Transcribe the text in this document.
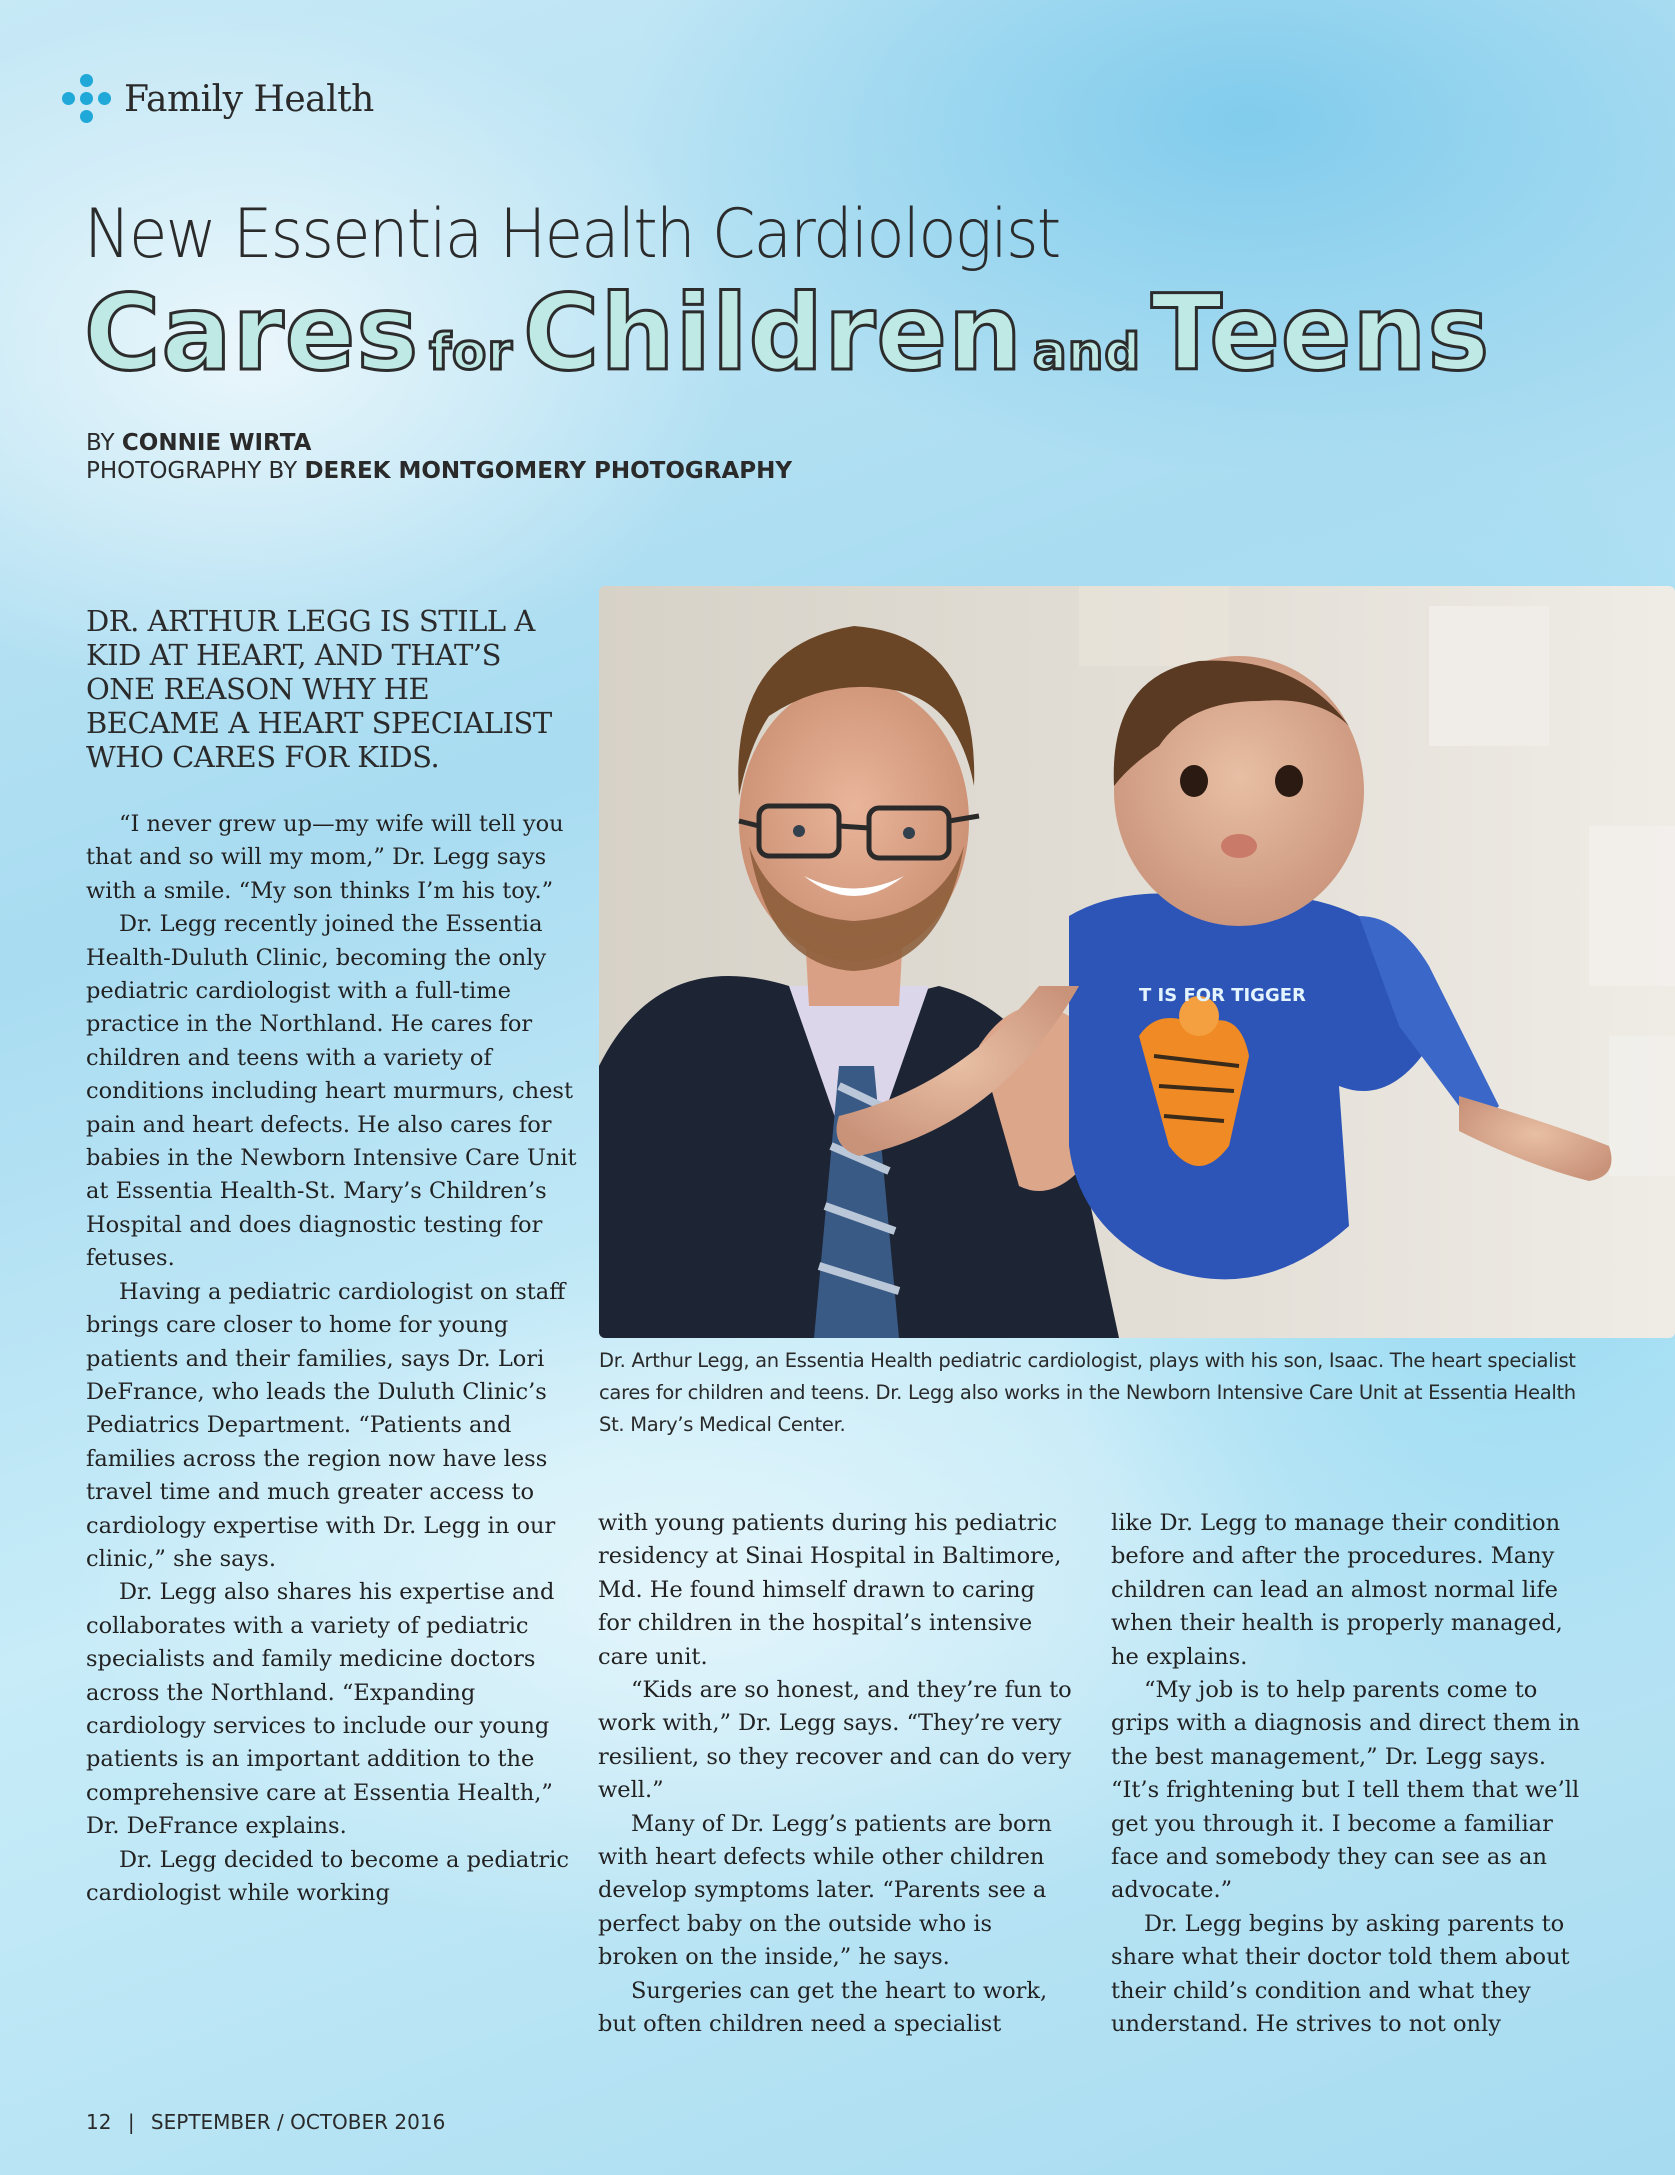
Family Health
New Essentia Health Cardiologist
Cares forChildren andTeens
BY CONNIE WIRTA
PHOTOGRAPHY BY DEREK MONTGOMERY PHOTOGRAPHY
DR. ARTHUR LEGG IS STILL A KID AT HEART, AND THAT’S ONE REASON WHY HE BECAME A HEART SPECIALIST WHO CARES FOR KIDS.

“I never grew up—my wife will tell you that and so will my mom,” Dr. Legg says with a smile. “My son thinks I’m his toy.”

Dr. Legg recently joined the Essentia Health-Duluth Clinic, becoming the only pediatric cardiologist with a full-time practice in the Northland. He cares for children and teens with a variety of conditions including heart murmurs, chest pain and heart defects. He also cares for babies in the Newborn Intensive Care Unit at Essentia Health-St. Mary’s Children’s Hospital and does diagnostic testing for fetuses.

Having a pediatric cardiologist on staff brings care closer to home for young patients and their families, says Dr. Lori DeFrance, who leads the Duluth Clinic’s Pediatrics Department. “Patients and families across the region now have less travel time and much greater access to cardiology expertise with Dr. Legg in our clinic,” she says.

Dr. Legg also shares his expertise and collaborates with a variety of pediatric specialists and family medicine doctors across the Northland. “Expanding cardiology services to include our young patients is an important addition to the comprehensive care at Essentia Health,” Dr. DeFrance explains.

Dr. Legg decided to become a pediatric cardiologist while working

T IS FOR TIGGER
Dr. Arthur Legg, an Essentia Health pediatric cardiologist, plays with his son, Isaac. The heart specialist cares for children and teens. Dr. Legg also works in the Newborn Intensive Care Unit at Essentia Health St. Mary’s Medical Center.

with young patients during his pediatric residency at Sinai Hospital in Baltimore, Md. He found himself drawn to caring for children in the hospital’s intensive care unit.

“Kids are so honest, and they’re fun to work with,” Dr. Legg says. “They’re very resilient, so they recover and can do very well.”

Many of Dr. Legg’s patients are born with heart defects while other children develop symptoms later. “Parents see a perfect baby on the outside who is broken on the inside,” he says.

Surgeries can get the heart to work, but often children need a specialist

like Dr. Legg to manage their condition before and after the procedures. Many children can lead an almost normal life when their health is properly managed, he explains.

“My job is to help parents come to grips with a diagnosis and direct them in the best management,” Dr. Legg says. “It’s frightening but I tell them that we’ll get you through it. I become a familiar face and somebody they can see as an advocate.”

Dr. Legg begins by asking parents to share what their doctor told them about their child’s condition and what they understand. He strives to not only

12 | SEPTEMBER / OCTOBER 2016
